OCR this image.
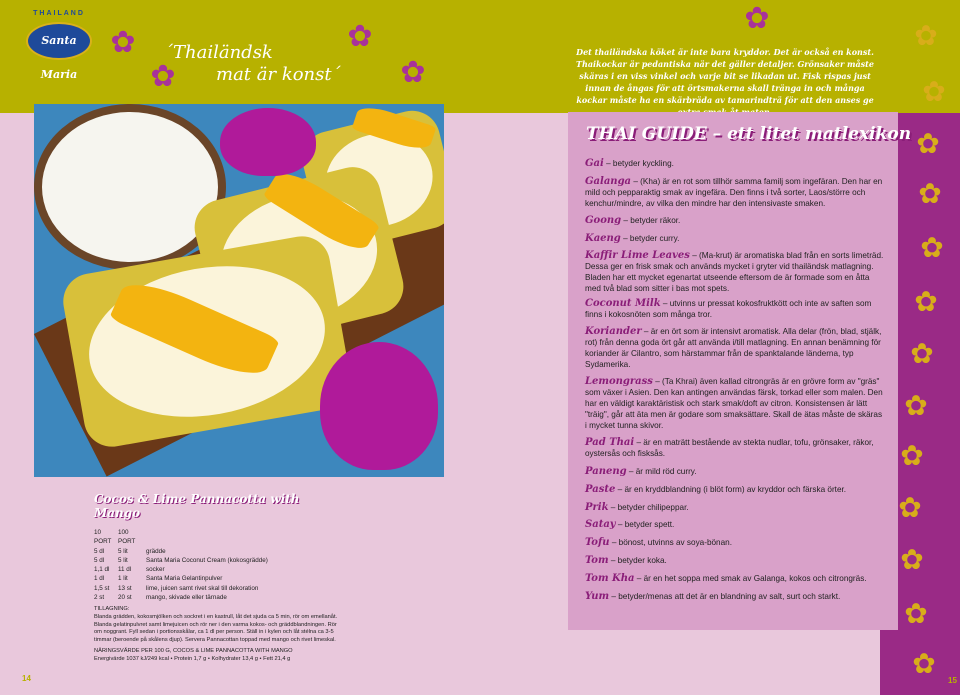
THAILAND
Santa Maria
✿	✿
✿
✿
✿
´Thailändsk
mat är konst´
Det thailändska köket är inte bara kryddor. Det är också en konst. Thaikockar är pedantiska när det gäller detaljer. Grönsaker måste skäras i en viss vinkel och varje bit se likadan ut. Fisk rispas just innan de ångas för att örtsmakerna skall tränga in och många kockar måste ha en skärbräda av tamarindträ för att den anses ge
THAI GUIDE – ett litet matlexikon
Gai – betyder kyckling.
Galanga – (Kha) är en rot som tillhör samma familj som ingefäran. Den har en mild och pepparaktig smak av ingefära. Den finns i två sorter, Laos/större och kenchur/mindre, av vilka den mindre har den intensivaste smaken.
Goong – betyder räkor.
Kaeng – betyder curry.
Kaffir Lime Leaves – (Ma-krut) är aromatiska blad från en sorts limeträd. Dessa ger en frisk smak och används mycket i gryter vid thailändsk matlagning. Bladen har ett mycket egenartat utseende eftersom de är formade som en åtta med två blad som sitter i bas mot spets.
Coconut Milk – utvinns ur pressat kokosfruktkött och inte av saften som finns i kokosnöten som många tror.
Koriander – är en ört som är intensivt aromatisk. Alla delar (frön, blad, stjälk, rot) från denna goda ört går att använda i/till matlagning. En annan benämning för koriander är Cilantro, som härstammar från de spanktalande länderna, typ Sydamerika.
Lemongrass – (Ta Khrai) även kallad citrongräs är en grövre form av "gräs" som växer i Asien. Den kan antingen användas färsk, torkad eller som malen. Den har en väldigt karaktäristisk och stark smak/doft av citron. Konsistensen är lätt "träig", går att äta men är godare som smaksättare. Skall de ätas måste de skäras i mycket tunna skivor.
Pad Thai – är en maträtt bestående av stekta nudlar, tofu, grönsaker, räkor, oystersås och fisksås.
Paneng – är mild röd curry.
Paste – är en kryddblandning (i blöt form) av kryddor och färska örter.
Prik – betyder chilipeppar.
Satay – betyder spett.
Tofu – bönost, utvinns av soya-bönan.
Tom – betyder koka.
Tom Kha – är en het soppa med smak av Galanga, kokos och citrongräs.
Yum – betyder/menas att det är en blandning av salt, surt och starkt.
Cocos & Lime Pannacotta with Mango
10 PORT
100 PORT
5 dl	5 lit	grädde
5 dl	5 lit	Santa Maria Coconut Cream (kokosgrädde)
1,1 dl	11 dl	socker
1 dl	1 lit	Santa Maria Gelantinpulver
1,5 st	13 st	lime, juicen samt rivet skal till dekoration
2 st	20 st	mango, skivade eller tärnade
TILLAGNING:
Blanda grädden, kokosmjölken och sockret i en kastrull, låt det sjuda ca 5 min, rör om emellanåt. Blanda gelatinpulvret samt limejuicen och rör ner i den varma kokos- och gräddblandningen. Rör om noggrant. Fyll sedan i portionsskålar, ca 1 dl per person. Ställ in i kylen och låt stélna ca 3-5 timmar (beroende på skålens djup). Servera Pannacottan toppad med mango och rivet limeskal.
NÄRINGSVÄRDE PER 100 G, COCOS & LIME PANNACOTTA WITH MANGO
Energivärde 1037 kJ/249 kcal • Protein 1,7 g • Kolhydrater 13,4 g • Fett 21,4 g
14	15
✿
✿
✿
✿
✿
✿
✿
✿
✿
✿
✿
✿
✿
